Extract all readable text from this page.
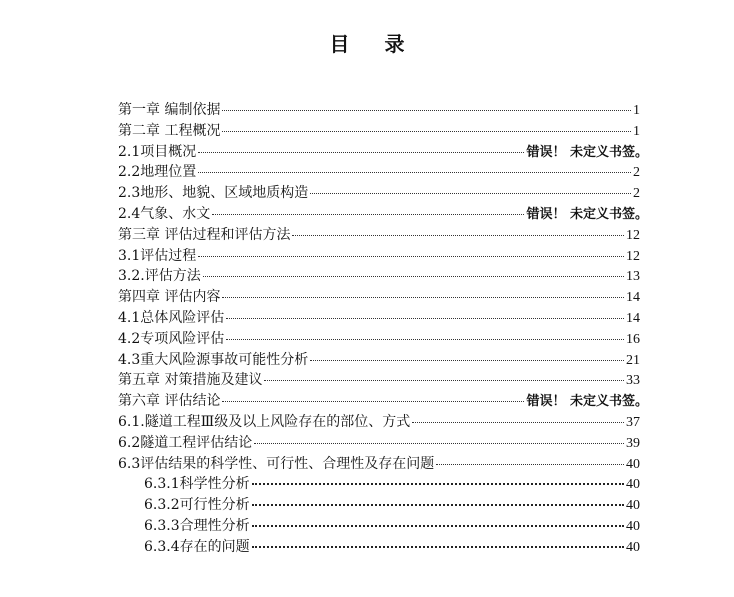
目 录
第一章 编制依据	1
第二章 工程概况	1
2.1项目概况	错误！ 未定义书签。
2.2地理位置	2
2.3地形、地貌、区域地质构造	2
2.4气象、水文	错误！ 未定义书签。
第三章 评估过程和评估方法	12
3.1评估过程	12
3.2.评估方法	13
第四章 评估内容	14
4.1总体风险评估	14
4.2专项风险评估	16
4.3重大风险源事故可能性分析	21
第五章 对策措施及建议	33
第六章 评估结论	错误！ 未定义书签。
6.1.隧道工程Ⅲ级及以上风险存在的部位、方式	37
6.2隧道工程评估结论	39
6.3评估结果的科学性、可行性、合理性及存在问题	40
6.3.1科学性分析	40
6.3.2可行性分析	40
6.3.3合理性分析	40
6.3.4存在的问题	40
